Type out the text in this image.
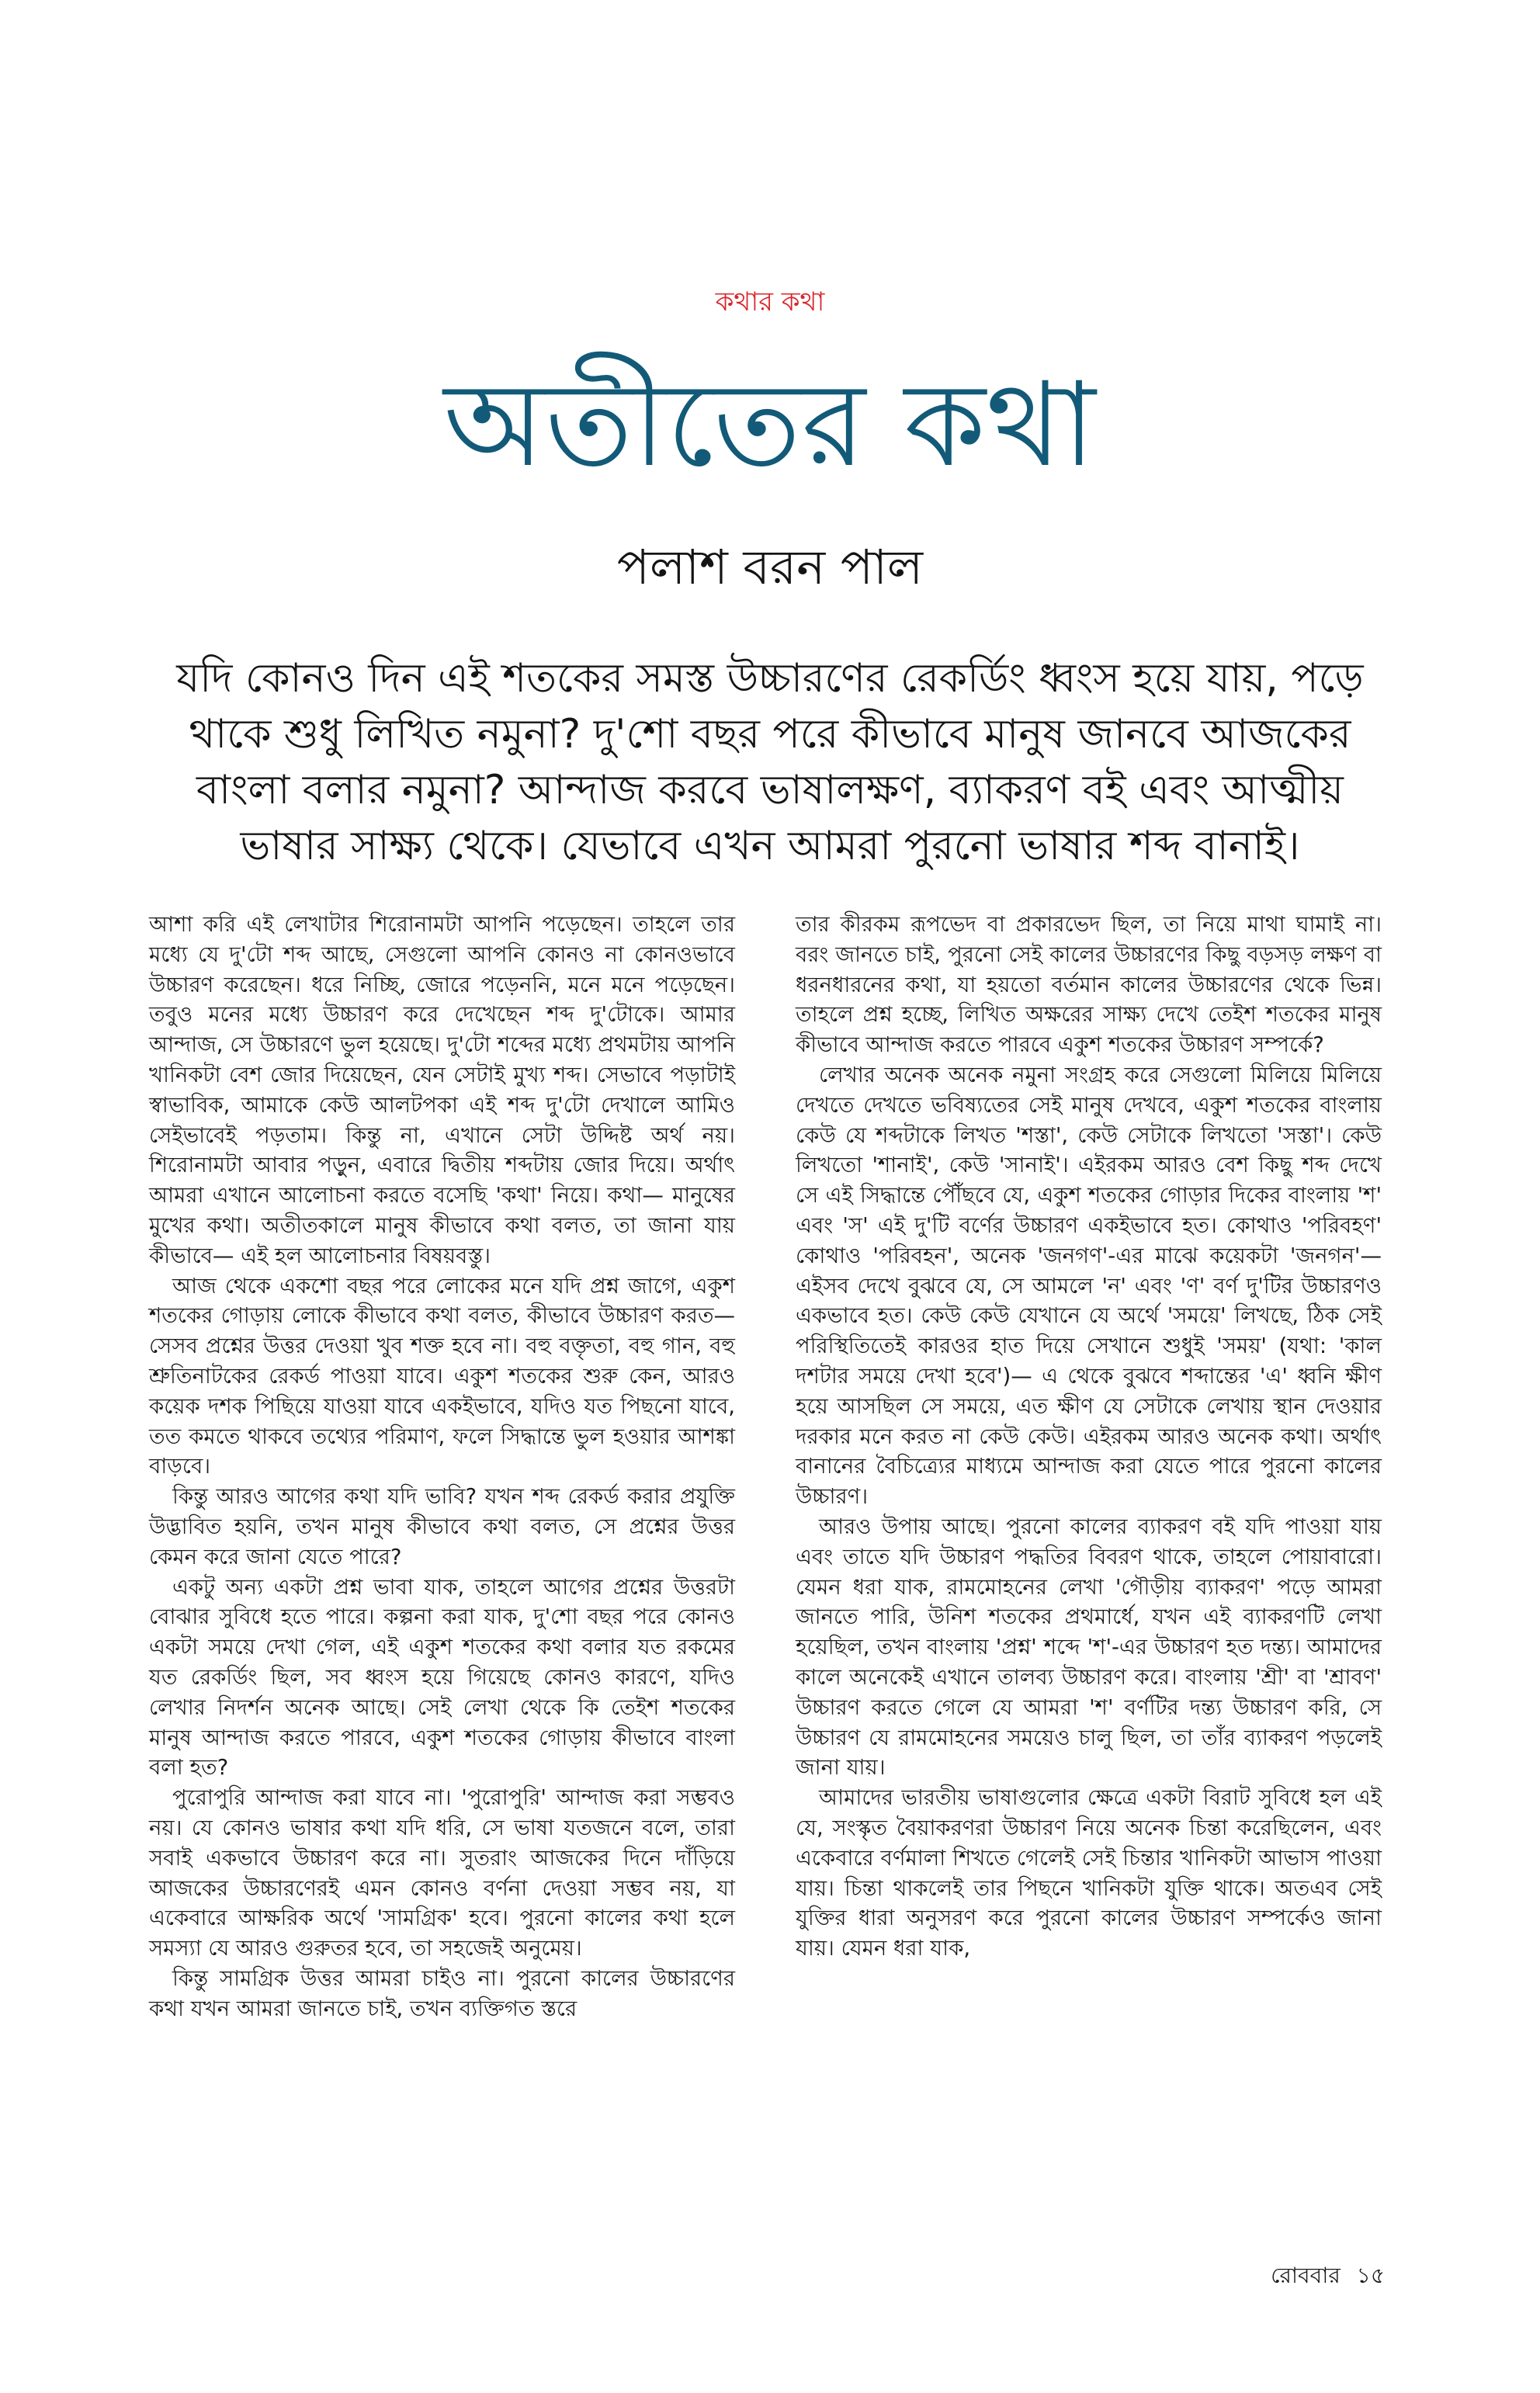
কথার কথা
অতীতের কথা
পলাশ বরন পাল
যদি কোনও দিন এই শতকের সমস্ত উচ্চারণের রেকর্ডিং ধ্বংস হয়ে যায়, পড়ে থাকে শুধু লিখিত নমুনা? দু'শো বছর পরে কীভাবে মানুষ জানবে আজকের বাংলা বলার নমুনা? আন্দাজ করবে ভাষালক্ষণ, ব্যাকরণ বই এবং আত্মীয় ভাষার সাক্ষ্য থেকে। যেভাবে এখন আমরা পুরনো ভাষার শব্দ বানাই।

আশা করি এই লেখাটার শিরোনামটা আপনি পড়েছেন। তাহলে তার মধ্যে যে দু'টো শব্দ আছে, সেগুলো আপনি কোনও না কোনওভাবে উচ্চারণ করেছেন। ধরে নিচ্ছি, জোরে পড়েননি, মনে মনে পড়েছেন। তবুও মনের মধ্যে উচ্চারণ করে দেখেছেন শব্দ দু'টোকে। আমার আন্দাজ, সে উচ্চারণে ভুল হয়েছে। দু'টো শব্দের মধ্যে প্রথমটায় আপনি খানিকটা বেশ জোর দিয়েছেন, যেন সেটাই মুখ্য শব্দ। সেভাবে পড়াটাই স্বাভাবিক, আমাকে কেউ আলটপকা এই শব্দ দু'টো দেখালে আমিও সেইভাবেই পড়তাম। কিন্তু না, এখানে সেটা উদ্দিষ্ট অর্থ নয়। শিরোনামটা আবার পড়ুন, এবারে দ্বিতীয় শব্দটায় জোর দিয়ে। অর্থাৎ আমরা এখানে আলোচনা করতে বসেছি 'কথা' নিয়ে। কথা— মানুষের মুখের কথা। অতীতকালে মানুষ কীভাবে কথা বলত, তা জানা যায় কীভাবে— এই হল আলোচনার বিষয়বস্তু।

আজ থেকে একশো বছর পরে লোকের মনে যদি প্রশ্ন জাগে, একুশ শতকের গোড়ায় লোকে কীভাবে কথা বলত, কীভাবে উচ্চারণ করত— সেসব প্রশ্নের উত্তর দেওয়া খুব শক্ত হবে না। বহু বক্তৃতা, বহু গান, বহু শ্রুতিনাটকের রেকর্ড পাওয়া যাবে। একুশ শতকের শুরু কেন, আরও কয়েক দশক পিছিয়ে যাওয়া যাবে একইভাবে, যদিও যত পিছনো যাবে, তত কমতে থাকবে তথ্যের পরিমাণ, ফলে সিদ্ধান্তে ভুল হওয়ার আশঙ্কা বাড়বে।

কিন্তু আরও আগের কথা যদি ভাবি? যখন শব্দ রেকর্ড করার প্রযুক্তি উদ্ভাবিত হয়নি, তখন মানুষ কীভাবে কথা বলত, সে প্রশ্নের উত্তর কেমন করে জানা যেতে পারে?

একটু অন্য একটা প্রশ্ন ভাবা যাক, তাহলে আগের প্রশ্নের উত্তরটা বোঝার সুবিধে হতে পারে। কল্পনা করা যাক, দু'শো বছর পরে কোনও একটা সময়ে দেখা গেল, এই একুশ শতকের কথা বলার যত রকমের যত রেকর্ডিং ছিল, সব ধ্বংস হয়ে গিয়েছে কোনও কারণে, যদিও লেখার নিদর্শন অনেক আছে। সেই লেখা থেকে কি তেইশ শতকের মানুষ আন্দাজ করতে পারবে, একুশ শতকের গোড়ায় কীভাবে বাংলা বলা হত?

পুরোপুরি আন্দাজ করা যাবে না। 'পুরোপুরি' আন্দাজ করা সম্ভবও নয়। যে কোনও ভাষার কথা যদি ধরি, সে ভাষা যতজনে বলে, তারা সবাই একভাবে উচ্চারণ করে না। সুতরাং আজকের দিনে দাঁড়িয়ে আজকের উচ্চারণেরই এমন কোনও বর্ণনা দেওয়া সম্ভব নয়, যা একেবারে আক্ষরিক অর্থে 'সামগ্রিক' হবে। পুরনো কালের কথা হলে সমস্যা যে আরও গুরুতর হবে, তা সহজেই অনুমেয়।

কিন্তু সামগ্রিক উত্তর আমরা চাইও না। পুরনো কালের উচ্চারণের কথা যখন আমরা জানতে চাই, তখন ব্যক্তিগত স্তরে

তার কীরকম রূপভেদ বা প্রকারভেদ ছিল, তা নিয়ে মাথা ঘামাই না। বরং জানতে চাই, পুরনো সেই কালের উচ্চারণের কিছু বড়সড় লক্ষণ বা ধরনধারনের কথা, যা হয়তো বর্তমান কালের উচ্চারণের থেকে ভিন্ন। তাহলে প্রশ্ন হচ্ছে, লিখিত অক্ষরের সাক্ষ্য দেখে তেইশ শতকের মানুষ কীভাবে আন্দাজ করতে পারবে একুশ শতকের উচ্চারণ সম্পর্কে?

লেখার অনেক অনেক নমুনা সংগ্রহ করে সেগুলো মিলিয়ে মিলিয়ে দেখতে দেখতে ভবিষ্যতের সেই মানুষ দেখবে, একুশ শতকের বাংলায় কেউ যে শব্দটাকে লিখত 'শস্তা', কেউ সেটাকে লিখতো 'সস্তা'। কেউ লিখতো 'শানাই', কেউ 'সানাই'। এইরকম আরও বেশ কিছু শব্দ দেখে সে এই সিদ্ধান্তে পৌঁছবে যে, একুশ শতকের গোড়ার দিকের বাংলায় 'শ' এবং 'স' এই দু'টি বর্ণের উচ্চারণ একইভাবে হত। কোথাও 'পরিবহণ' কোথাও 'পরিবহন', অনেক 'জনগণ'-এর মাঝে কয়েকটা 'জনগন'— এইসব দেখে বুঝবে যে, সে আমলে 'ন' এবং 'ণ' বর্ণ দু'টির উচ্চারণও একভাবে হত। কেউ কেউ যেখানে যে অর্থে 'সময়ে' লিখছে, ঠিক সেই পরিস্থিতিতেই কারওর হাত দিয়ে সেখানে শুধুই 'সময়' (যথা: 'কাল দশটার সময়ে দেখা হবে')— এ থেকে বুঝবে শব্দান্তের 'এ' ধ্বনি ক্ষীণ হয়ে আসছিল সে সময়ে, এত ক্ষীণ যে সেটাকে লেখায় স্থান দেওয়ার দরকার মনে করত না কেউ কেউ। এইরকম আরও অনেক কথা। অর্থাৎ বানানের বৈচিত্র্যের মাধ্যমে আন্দাজ করা যেতে পারে পুরনো কালের উচ্চারণ।

আরও উপায় আছে। পুরনো কালের ব্যাকরণ বই যদি পাওয়া যায় এবং তাতে যদি উচ্চারণ পদ্ধতির বিবরণ থাকে, তাহলে পোয়াবারো। যেমন ধরা যাক, রামমোহনের লেখা 'গৌড়ীয় ব্যাকরণ' পড়ে আমরা জানতে পারি, উনিশ শতকের প্রথমার্ধে, যখন এই ব্যাকরণটি লেখা হয়েছিল, তখন বাংলায় 'প্রশ্ন' শব্দে 'শ'-এর উচ্চারণ হত দন্ত্য। আমাদের কালে অনেকেই এখানে তালব্য উচ্চারণ করে। বাংলায় 'শ্রী' বা 'শ্রাবণ' উচ্চারণ করতে গেলে যে আমরা 'শ' বর্ণটির দন্ত্য উচ্চারণ করি, সে উচ্চারণ যে রামমোহনের সময়েও চালু ছিল, তা তাঁর ব্যাকরণ পড়লেই জানা যায়।

আমাদের ভারতীয় ভাষাগুলোর ক্ষেত্রে একটা বিরাট সুবিধে হল এই যে, সংস্কৃত বৈয়াকরণরা উচ্চারণ নিয়ে অনেক চিন্তা করেছিলেন, এবং একেবারে বর্ণমালা শিখতে গেলেই সেই চিন্তার খানিকটা আভাস পাওয়া যায়। চিন্তা থাকলেই তার পিছনে খানিকটা যুক্তি থাকে। অতএব সেই যুক্তির ধারা অনুসরণ করে পুরনো কালের উচ্চারণ সম্পর্কেও জানা যায়। যেমন ধরা যাক,

রোববার ১৫
